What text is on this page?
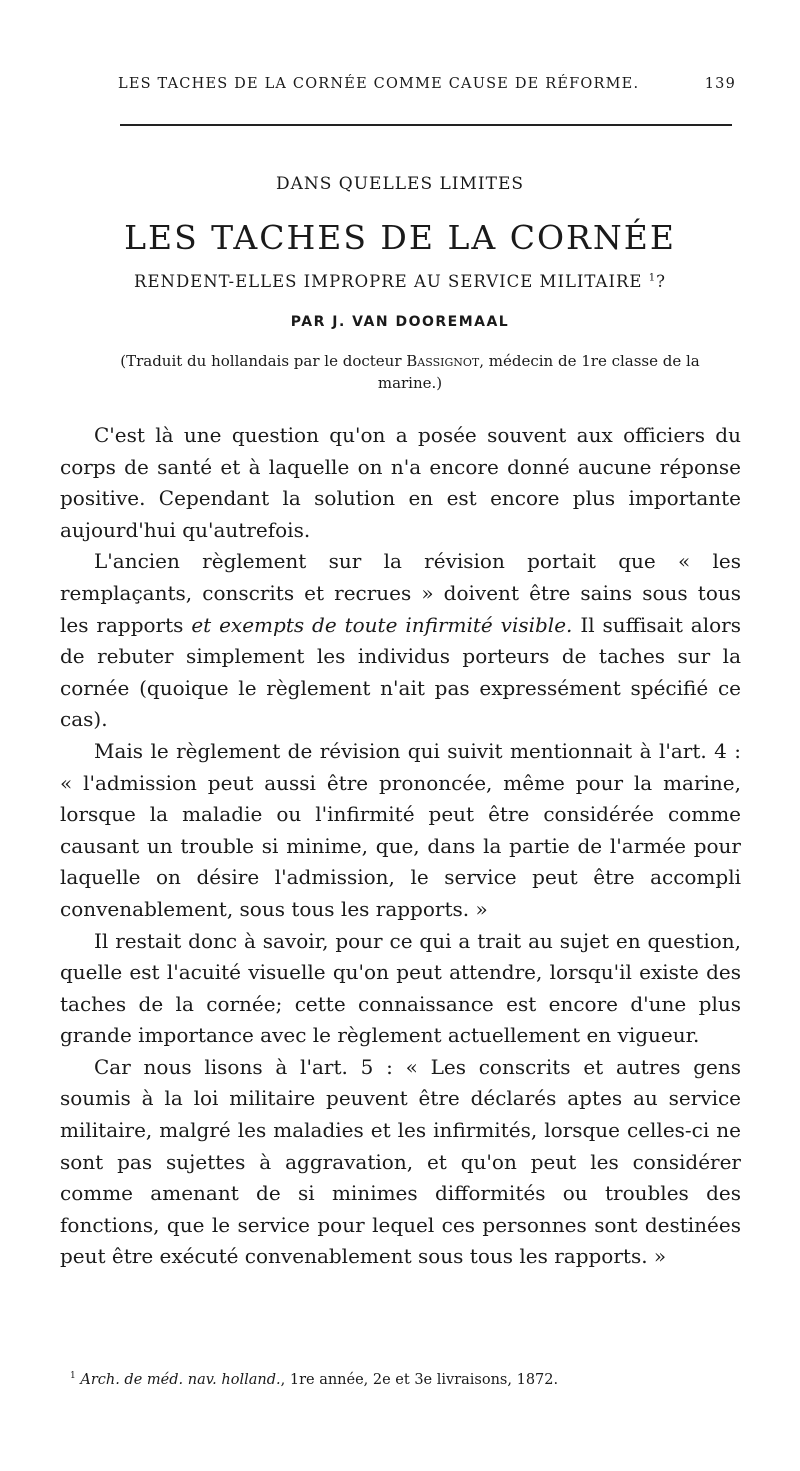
LES TACHES DE LA CORNÉE COMME CAUSE DE RÉFORME.	139
DANS QUELLES LIMITES
LES TACHES DE LA CORNÉE
RENDENT-ELLES IMPROPRE AU SERVICE MILITAIRE $^1$?
PAR J. VAN DOOREMAAL
(Traduit du hollandais par le docteur Bassignot, médecin de 1re classe de la marine.)

C'est là une question qu'on a posée souvent aux officiers du corps de santé et à laquelle on n'a encore donné aucune réponse positive. Cependant la solution en est encore plus importante aujourd'hui qu'autrefois.

L'ancien règlement sur la révision portait que « les remplaçants, conscrits et recrues » doivent être sains sous tous les rapports et exempts de toute infirmité visible. Il suffisait alors de rebuter simplement les individus porteurs de taches sur la cornée (quoique le règlement n'ait pas expressément spécifié ce cas).

Mais le règlement de révision qui suivit mentionnait à l'art. 4 : « l'admission peut aussi être prononcée, même pour la marine, lorsque la maladie ou l'infirmité peut être considérée comme causant un trouble si minime, que, dans la partie de l'armée pour laquelle on désire l'admission, le service peut être accompli convenablement, sous tous les rapports. »

Il restait donc à savoir, pour ce qui a trait au sujet en question, quelle est l'acuité visuelle qu'on peut attendre, lorsqu'il existe des taches de la cornée; cette connaissance est encore d'une plus grande importance avec le règlement actuellement en vigueur.

Car nous lisons à l'art. 5 : « Les conscrits et autres gens soumis à la loi militaire peuvent être déclarés aptes au service militaire, malgré les maladies et les infirmités, lorsque celles-ci ne sont pas sujettes à aggravation, et qu'on peut les considérer comme amenant de si minimes difformités ou troubles des fonctions, que le service pour lequel ces personnes sont destinées peut être exécuté convenablement sous tous les rapports. »

$^1$ Arch. de méd. nav. holland., 1re année, 2e et 3e livraisons, 1872.
